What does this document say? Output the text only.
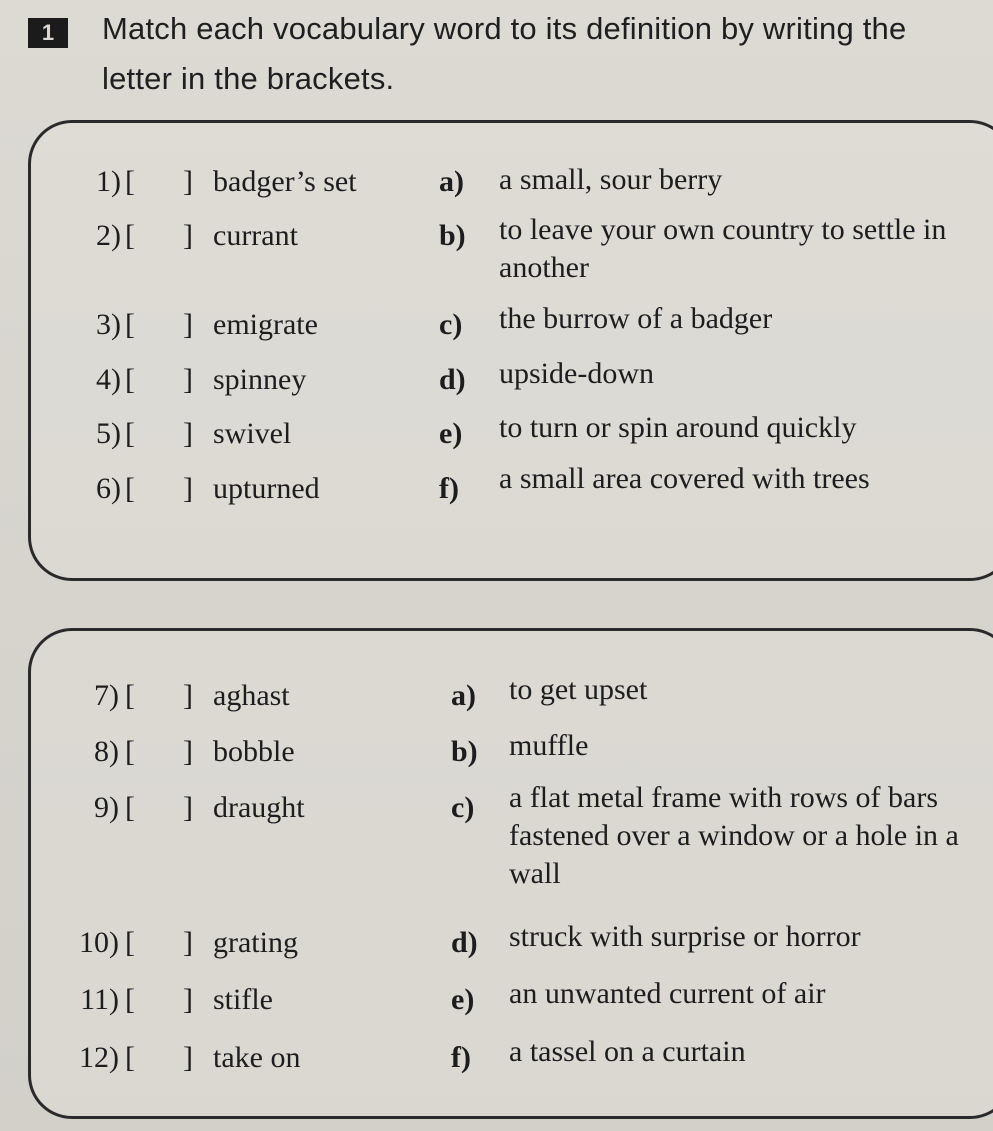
1	Match each vocabulary word to its definition by writing the letter in the brackets.
1) [ ] badger’s set	a) a small, sour berry
2) [ ] currant	b) to leave your own country to settle in another
3) [ ] emigrate	c) the burrow of a badger
4) [ ] spinney	d) upside-down
5) [ ] swivel	e) to turn or spin around quickly
6) [ ] upturned	f) a small area covered with trees
7) [ ] aghast	a) to get upset
8) [ ] bobble	b) muffle
9) [ ] draught	c) a flat metal frame with rows of bars fastened over a window or a hole in a wall
10) [ ] grating	d) struck with surprise or horror
11) [ ] stifle	e) an unwanted current of air
12) [ ] take on	f) a tassel on a curtain
